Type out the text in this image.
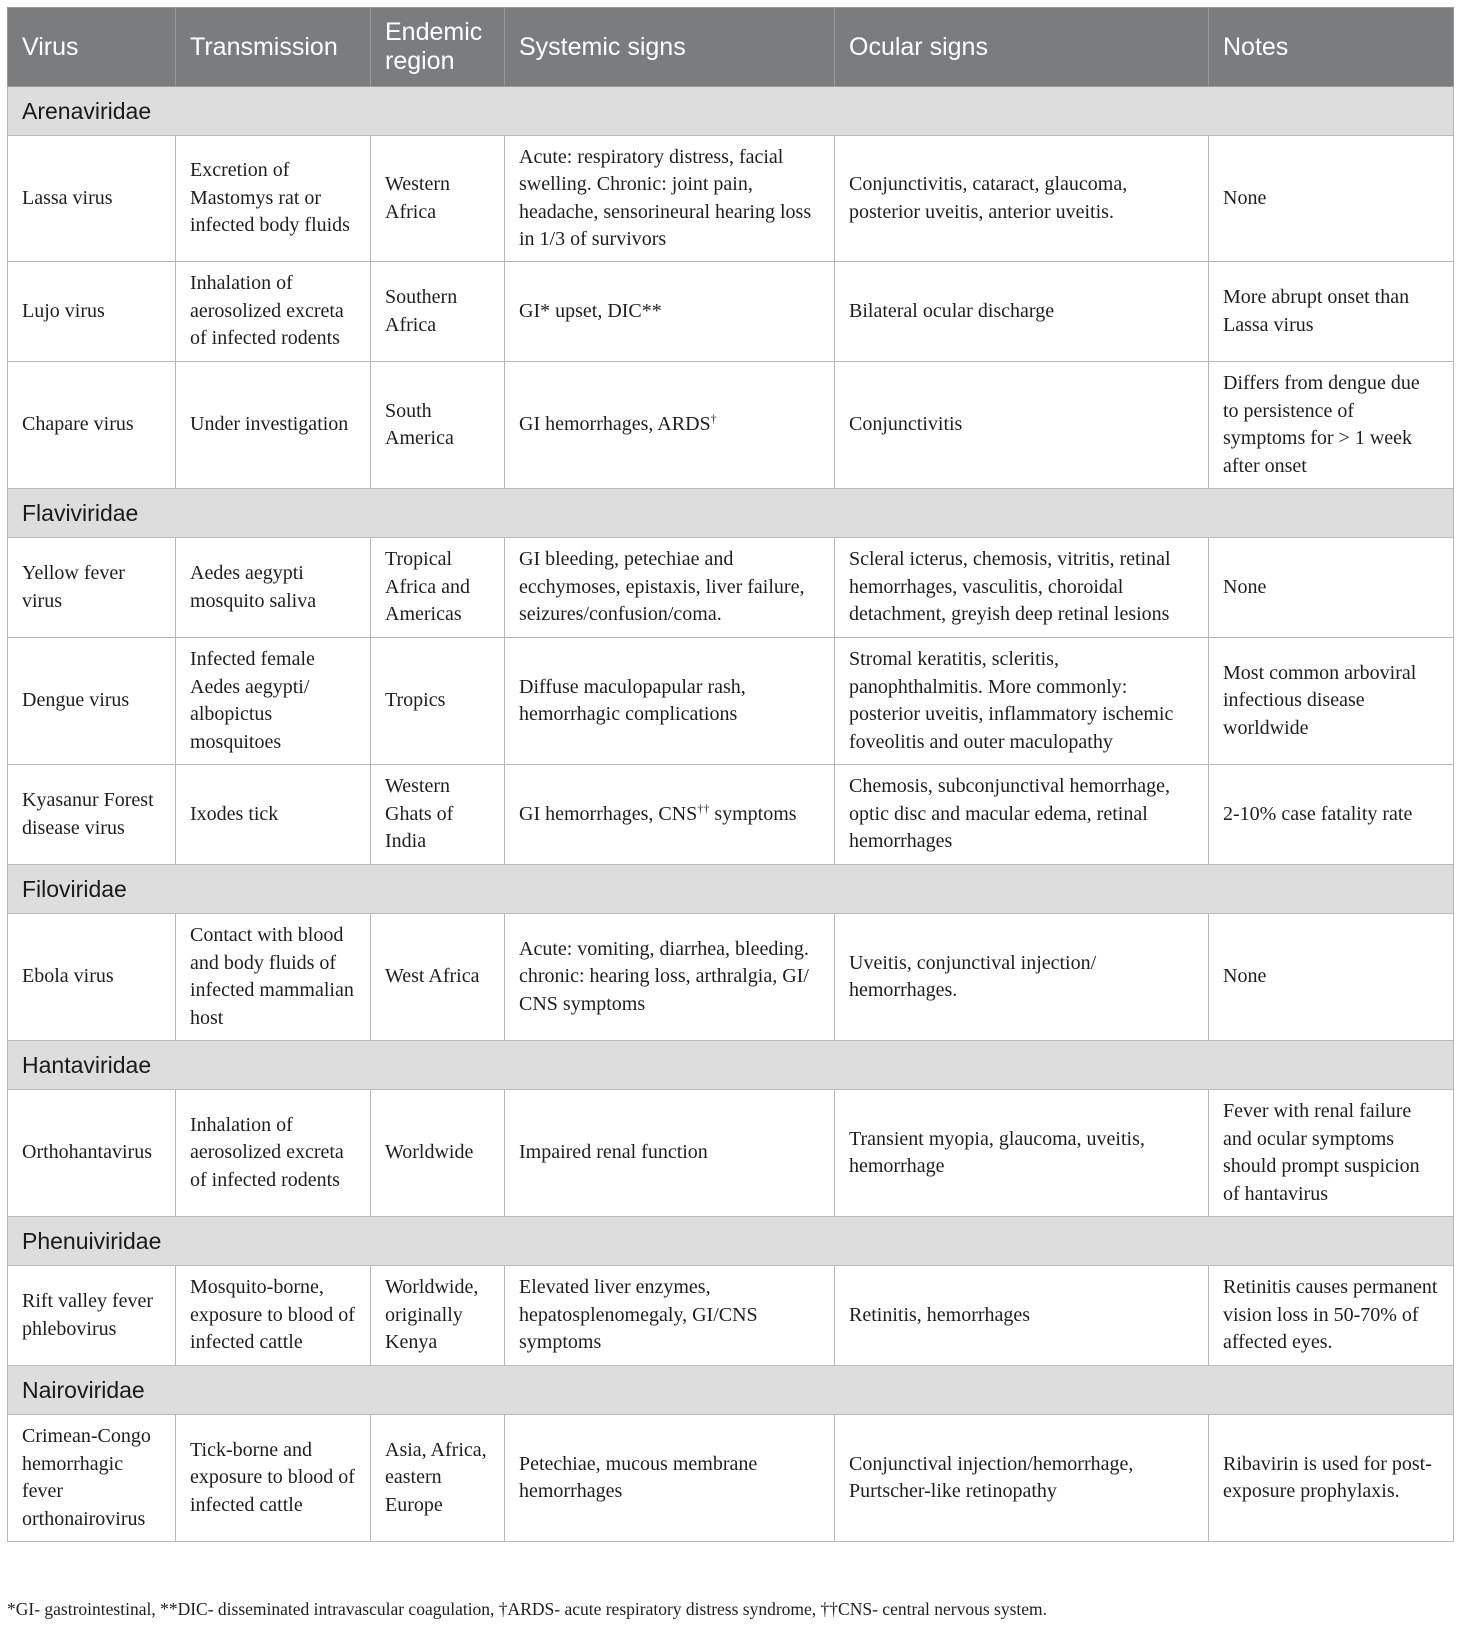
Virus	Transmission	Endemic region	Systemic signs	Ocular signs	Notes
Arenaviridae					
Lassa virus	Excretion of Mastomys rat or infected body fluids	Western Africa	Acute: respiratory distress, facial swelling. Chronic: joint pain, headache, sensorineural hearing loss in 1/3 of survivors	Conjunctivitis, cataract, glaucoma, posterior uveitis, anterior uveitis.	None
Lujo virus	Inhalation of aerosolized excreta of infected rodents	Southern Africa	GI* upset, DIC**	Bilateral ocular discharge	More abrupt onset than Lassa virus
Chapare virus	Under investigation	South America	GI hemorrhages, ARDS†	Conjunctivitis	Differs from dengue due to persistence of symptoms for > 1 week after onset
Flaviviridae					
Yellow fever virus	Aedes aegypti mosquito saliva	Tropical Africa and Americas	GI bleeding, petechiae and ecchymoses, epistaxis, liver failure, seizures/confusion/coma.	Scleral icterus, chemosis, vitritis, retinal hemorrhages, vasculitis, choroidal detachment, greyish deep retinal lesions	None
Dengue virus	Infected female Aedes aegypti/ albopictus mosquitoes	Tropics	Diffuse maculopapular rash, hemorrhagic complications	Stromal keratitis, scleritis, panophthalmitis. More commonly: posterior uveitis, inflammatory ischemic foveolitis and outer maculopathy	Most common arboviral infectious disease worldwide
Kyasanur Forest disease virus	Ixodes tick	Western Ghats of India	GI hemorrhages, CNS†† symptoms	Chemosis, subconjunctival hemorrhage, optic disc and macular edema, retinal hemorrhages	2-10% case fatality rate
Filoviridae					
Ebola virus	Contact with blood and body fluids of infected mammalian host	West Africa	Acute: vomiting, diarrhea, bleeding. chronic: hearing loss, arthralgia, GI/ CNS symptoms	Uveitis, conjunctival injection/ hemorrhages.	None
Hantaviridae					
Orthohantavirus	Inhalation of aerosolized excreta of infected rodents	Worldwide	Impaired renal function	Transient myopia, glaucoma, uveitis, hemorrhage	Fever with renal failure and ocular symptoms should prompt suspicion of hantavirus
Phenuiviridae					
Rift valley fever phlebovirus	Mosquito-borne, exposure to blood of infected cattle	Worldwide, originally Kenya	Elevated liver enzymes, hepatosplenomegaly, GI/CNS symptoms	Retinitis, hemorrhages	Retinitis causes permanent vision loss in 50-70% of affected eyes.
Nairoviridae					
Crimean-Congo hemorrhagic fever orthonairovirus	Tick-borne and exposure to blood of infected cattle	Asia, Africa, eastern Europe	Petechiae, mucous membrane hemorrhages	Conjunctival injection/hemorrhage, Purtscher-like retinopathy	Ribavirin is used for post-exposure prophylaxis.
*GI- gastrointestinal, **DIC- disseminated intravascular coagulation, †ARDS- acute respiratory distress syndrome, ††CNS- central nervous system.
